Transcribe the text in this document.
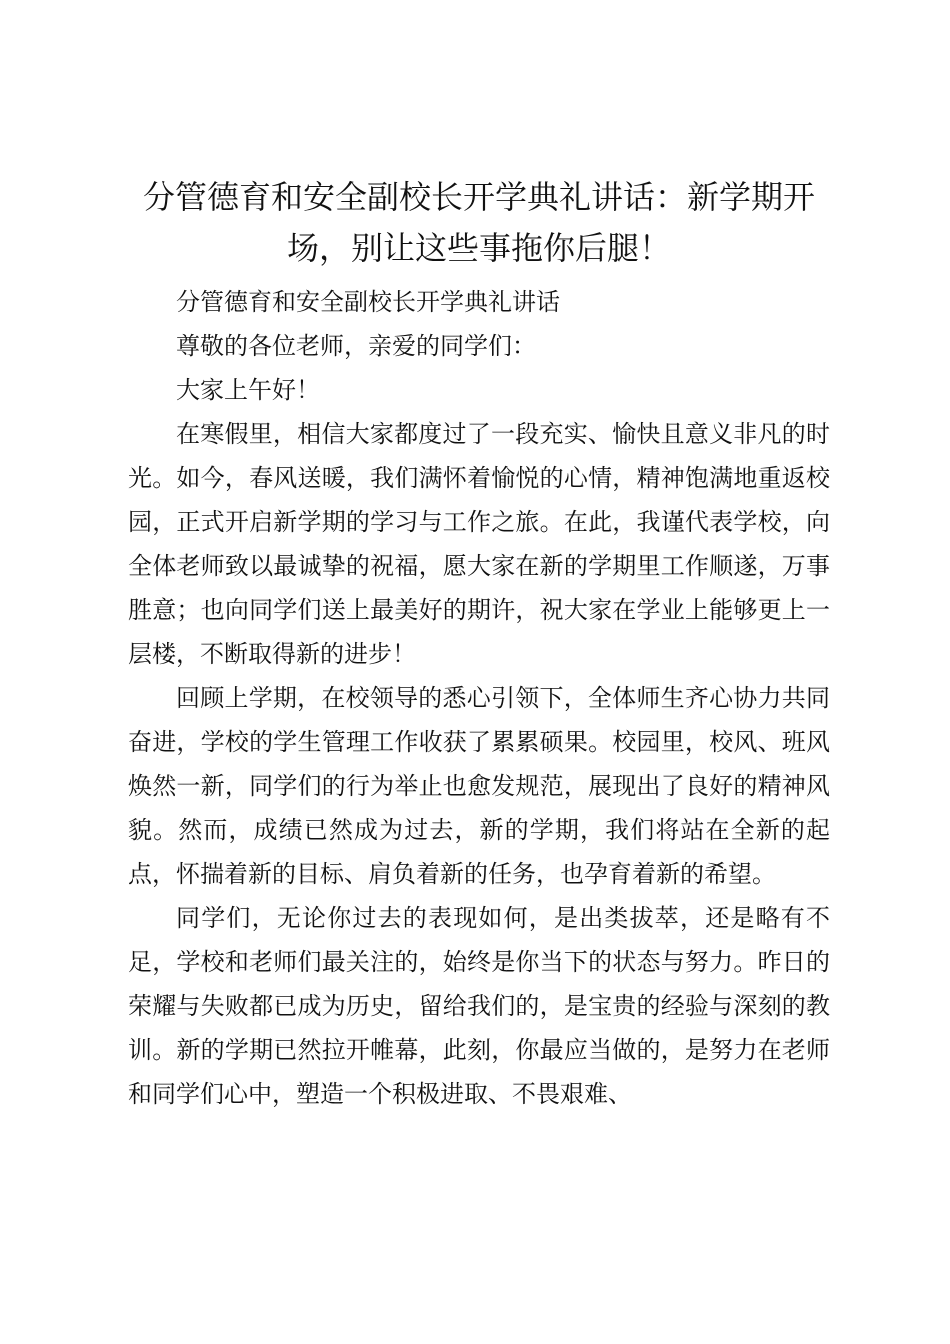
分管德育和安全副校长开学典礼讲话：新学期开场，别让这些事拖你后腿！

分管德育和安全副校长开学典礼讲话

尊敬的各位老师，亲爱的同学们：

大家上午好！

在寒假里，相信大家都度过了一段充实、愉快且意义非凡的时光。如今，春风送暖，我们满怀着愉悦的心情，精神饱满地重返校园，正式开启新学期的学习与工作之旅。在此，我谨代表学校，向全体老师致以最诚挚的祝福，愿大家在新的学期里工作顺遂，万事胜意；也向同学们送上最美好的期许，祝大家在学业上能够更上一层楼，不断取得新的进步！

回顾上学期，在校领导的悉心引领下，全体师生齐心协力共同奋进，学校的学生管理工作收获了累累硕果。校园里，校风、班风焕然一新，同学们的行为举止也愈发规范，展现出了良好的精神风貌。然而，成绩已然成为过去，新的学期，我们将站在全新的起点，怀揣着新的目标、肩负着新的任务，也孕育着新的希望。

同学们，无论你过去的表现如何，是出类拔萃，还是略有不足，学校和老师们最关注的，始终是你当下的状态与努力。昨日的荣耀与失败都已成为历史，留给我们的，是宝贵的经验与深刻的教训。新的学期已然拉开帷幕，此刻，你最应当做的，是努力在老师和同学们心中，塑造一个积极进取、不畏艰难、
